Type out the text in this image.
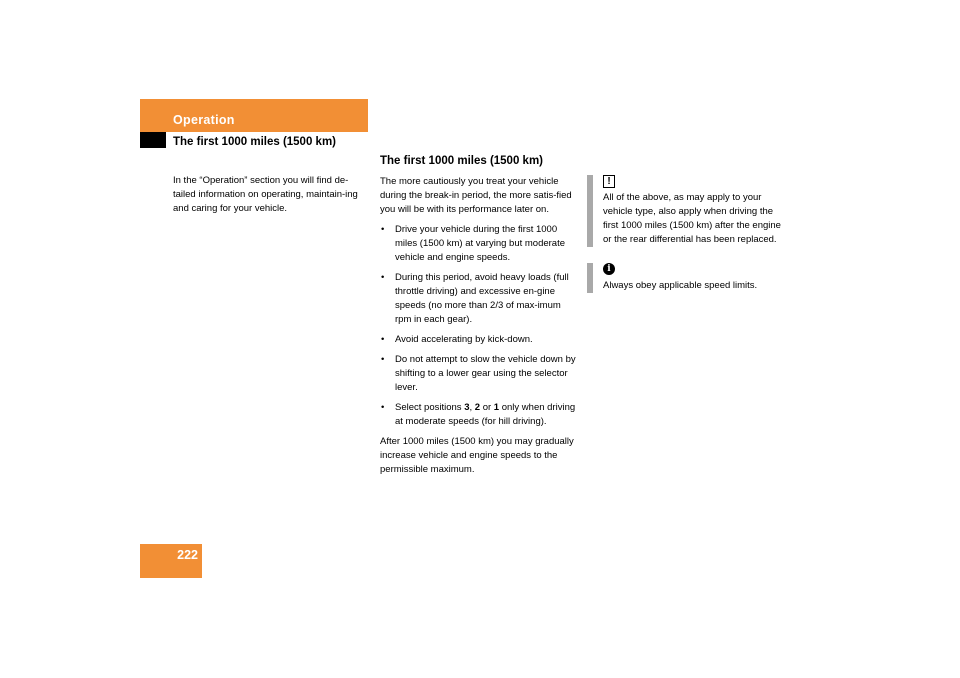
Operation
The first 1000 miles (1500 km)
In the “Operation” section you will find de-tailed information on operating, maintain-ing and caring for your vehicle.
The first 1000 miles (1500 km)

The more cautiously you treat your vehicle during the break-in period, the more satis-fied you will be with its performance later on.

• Drive your vehicle during the first 1000 miles (1500 km) at varying but moderate vehicle and engine speeds.
• During this period, avoid heavy loads (full throttle driving) and excessive en-gine speeds (no more than 2/3 of max-imum rpm in each gear).
• Avoid accelerating by kick-down.
• Do not attempt to slow the vehicle down by shifting to a lower gear using the selector lever.
• Select positions 3, 2 or 1 only when driving at moderate speeds (for hill driving).

After 1000 miles (1500 km) you may gradually increase vehicle and engine speeds to the permissible maximum.

!
All of the above, as may apply to your vehicle type, also apply when driving the first 1000 miles (1500 km) after the engine or the rear differential has been replaced.
i
Always obey applicable speed limits.
222
